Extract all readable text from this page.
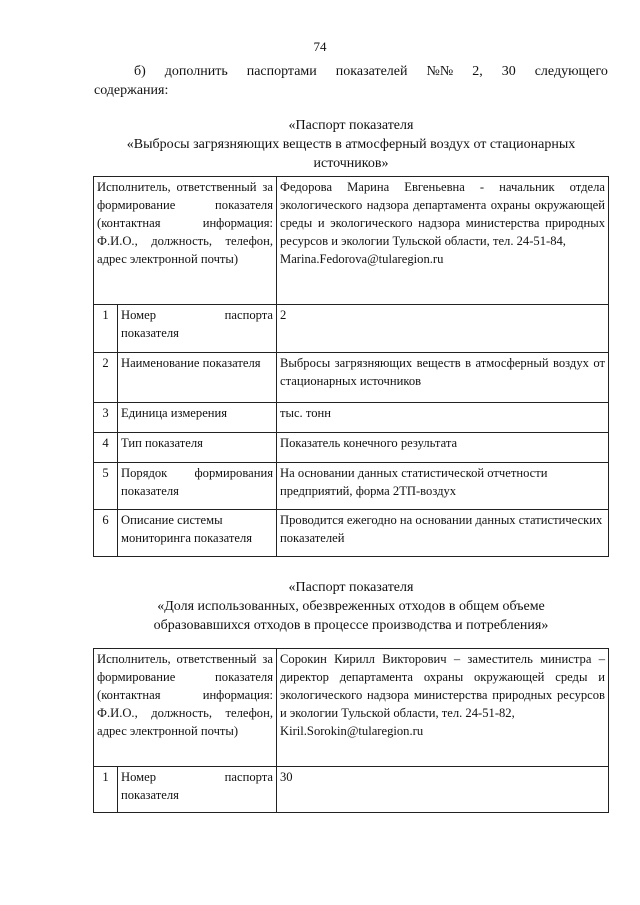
74
б) дополнить паспортами показателей №№ 2, 30 следующего
содержания:
«Паспорт показателя
«Выбросы загрязняющих веществ в атмосферный воздух от стационарных
источников»
Исполнитель, ответственный за формирование показателя (контактная информация: Ф.И.О., должность, телефон, адрес электронной почты)		Федорова Марина Евгеньевна - начальник отдела экологического надзора департамента охраны окружающей среды и экологического надзора министерства природных ресурсов и экологии Тульской области, тел. 24-51-84,
Marina.Fedorova@tularegion.ru
1	Номер паспорта
показателя	2
2	Наименование показателя	Выбросы загрязняющих веществ в атмосферный воздух от стационарных источников
3	Единица измерения	тыс. тонн
4	Тип показателя	Показатель конечного результата
5	Порядок формирования
показателя	На основании данных статистической отчетности предприятий, форма 2ТП-воздух
6	Описание системы мониторинга показателя	Проводится ежегодно на основании данных статистических показателей
«Паспорт показателя
«Доля использованных, обезвреженных отходов в общем объеме
образовавшихся отходов в процессе производства и потребления»
Исполнитель, ответственный за формирование показателя (контактная информация: Ф.И.О., должность, телефон, адрес электронной почты)		Сорокин Кирилл Викторович – заместитель министра – директор департамента охраны окружающей среды и экологического надзора министерства природных ресурсов и экологии Тульской области, тел. 24-51-82,
Kiril.Sorokin@tularegion.ru
1	Номер паспорта
показателя	30
